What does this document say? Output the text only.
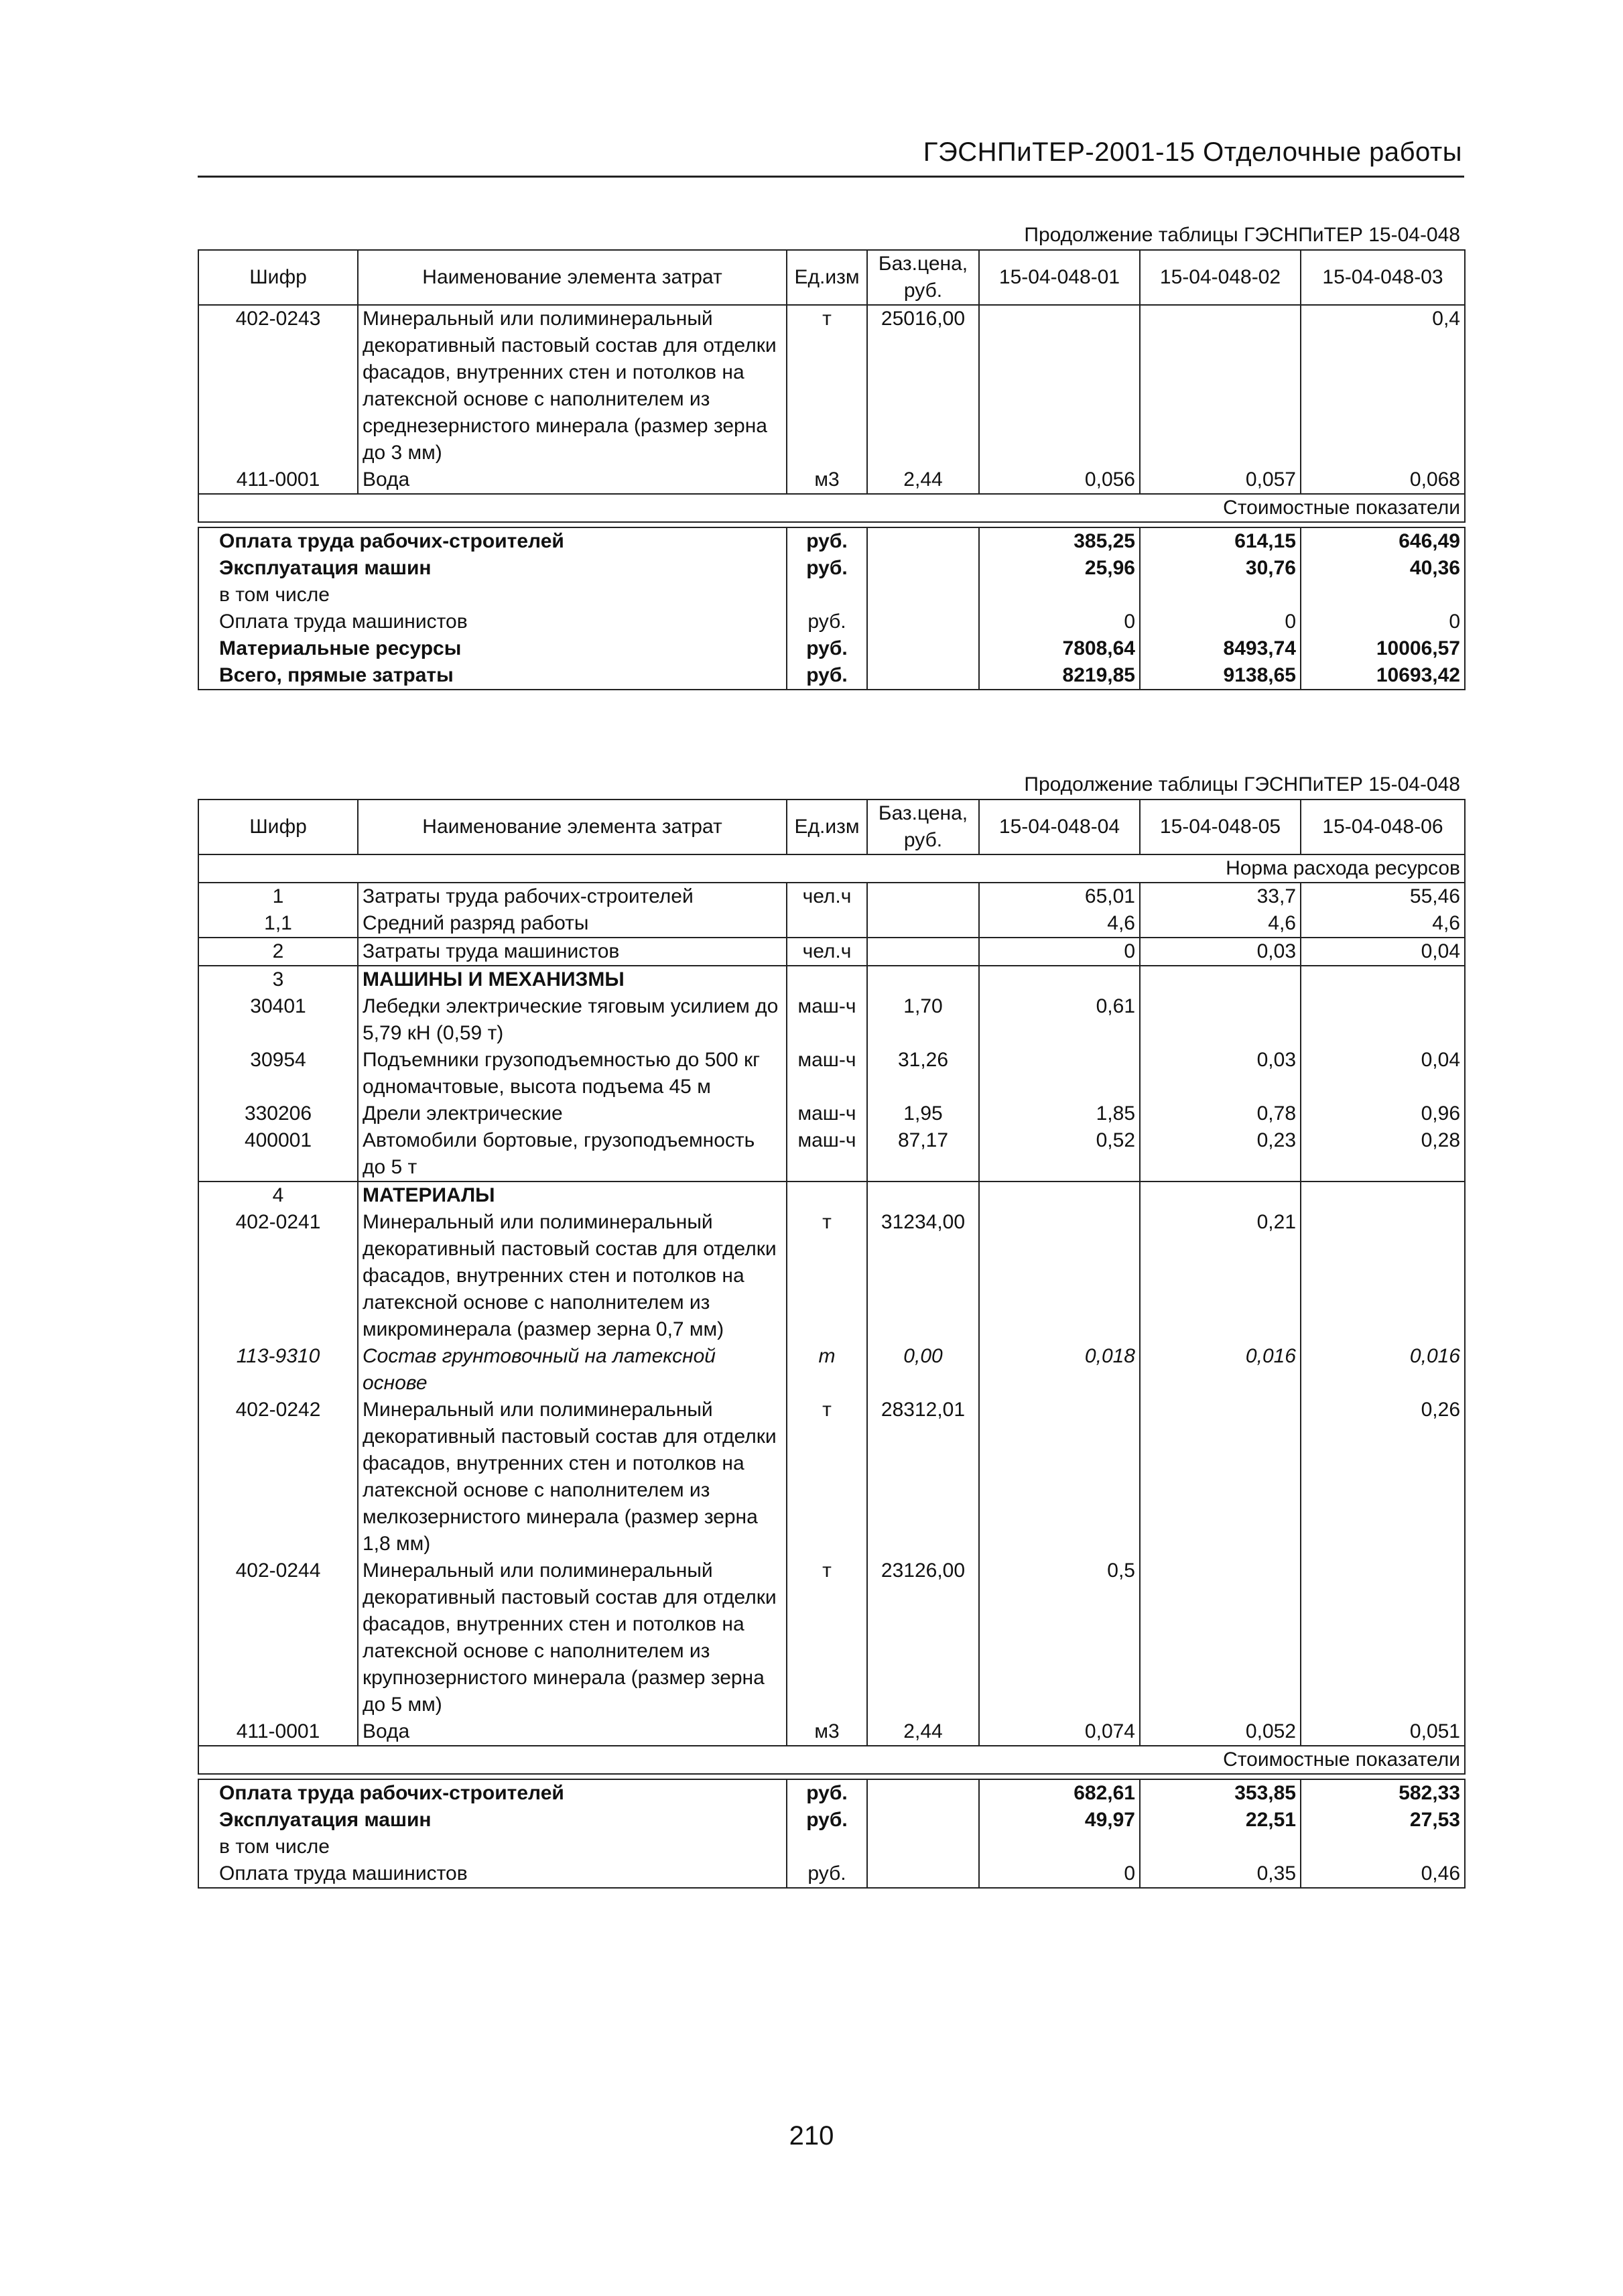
ГЭСНПиТЕР-2001-15 Отделочные работы
Продолжение таблицы ГЭСНПиТЕР 15-04-048
Шифр	Наименование элемента затрат	Ед.изм	Баз.цена, руб.	15-04-048-01	15-04-048-02	15-04-048-03
402-0243	Минеральный или полиминеральный декоративный пастовый состав для отделки фасадов, внутренних стен и потолков на латексной основе с наполнителем из среднезернистого минерала (размер зерна до 3 мм)	т	25016,00			0,4
411-0001	Вода	м3	2,44	0,056	0,057	0,068
Стоимостные показатели						

Оплата труда рабочих-строителей		руб.		385,25	614,15	646,49
Эксплуатация машин		руб.		25,96	30,76	40,36
в том числе						
Оплата труда машинистов		руб.		0	0	0
Материальные ресурсы		руб.		7808,64	8493,74	10006,57
Всего, прямые затраты		руб.		8219,85	9138,65	10693,42
Продолжение таблицы ГЭСНПиТЕР 15-04-048
Шифр	Наименование элемента затрат	Ед.изм	Баз.цена, руб.	15-04-048-04	15-04-048-05	15-04-048-06
Норма расхода ресурсов						
1	Затраты труда рабочих-строителей	чел.ч		65,01	33,7	55,46
1,1	Средний разряд работы			4,6	4,6	4,6
2	Затраты труда машинистов	чел.ч		0	0,03	0,04
3	МАШИНЫ И МЕХАНИЗМЫ					
30401	Лебедки электрические тяговым усилием до 5,79 кН (0,59 т)	маш-ч	1,70	0,61		
30954	Подъемники грузоподъемностью до 500 кг одномачтовые, высота подъема 45 м	маш-ч	31,26		0,03	0,04
330206	Дрели электрические	маш-ч	1,95	1,85	0,78	0,96
400001	Автомобили бортовые, грузоподъемность до 5 т	маш-ч	87,17	0,52	0,23	0,28
4	МАТЕРИАЛЫ					
402-0241	Минеральный или полиминеральный декоративный пастовый состав для отделки фасадов, внутренних стен и потолков на латексной основе с наполнителем из микроминерала (размер зерна 0,7 мм)	т	31234,00		0,21	
113-9310	Состав грунтовочный на латексной основе	т	0,00	0,018	0,016	0,016
402-0242	Минеральный или полиминеральный декоративный пастовый состав для отделки фасадов, внутренних стен и потолков на латексной основе с наполнителем из мелкозернистого минерала (размер зерна 1,8 мм)	т	28312,01			0,26
402-0244	Минеральный или полиминеральный декоративный пастовый состав для отделки фасадов, внутренних стен и потолков на латексной основе с наполнителем из крупнозернистого минерала (размер зерна до 5 мм)	т	23126,00	0,5		
411-0001	Вода	м3	2,44	0,074	0,052	0,051
Стоимостные показатели						

Оплата труда рабочих-строителей		руб.		682,61	353,85	582,33
Эксплуатация машин		руб.		49,97	22,51	27,53
в том числе						
Оплата труда машинистов		руб.		0	0,35	0,46
210
